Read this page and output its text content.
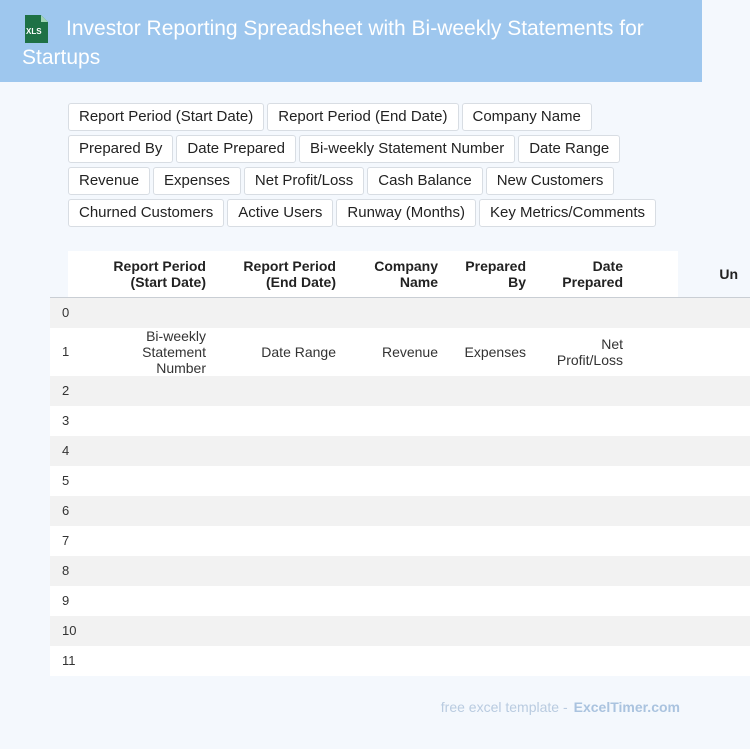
XLS	Investor Reporting Spreadsheet with Bi-weekly Statements for Startups
Report Period (Start Date)	Report Period (End Date)	Company Name
Prepared By	Date Prepared	Bi-weekly Statement Number	Date Range
Revenue	Expenses	Net Profit/Loss	Cash Balance	New Customers
Churned Customers	Active Users	Runway (Months)	Key Metrics/Comments
	Report Period (Start Date)	Report Period (End Date)	Company Name	Prepared By	Date Prepared	Un
0						
1	Bi-weekly Statement Number	Date Range	Revenue	Expenses	Net Profit/Loss	
2						
3						
4						
5						
6						
7						
8						
9						
10						
11						
free excel template - ExcelTimer.com
